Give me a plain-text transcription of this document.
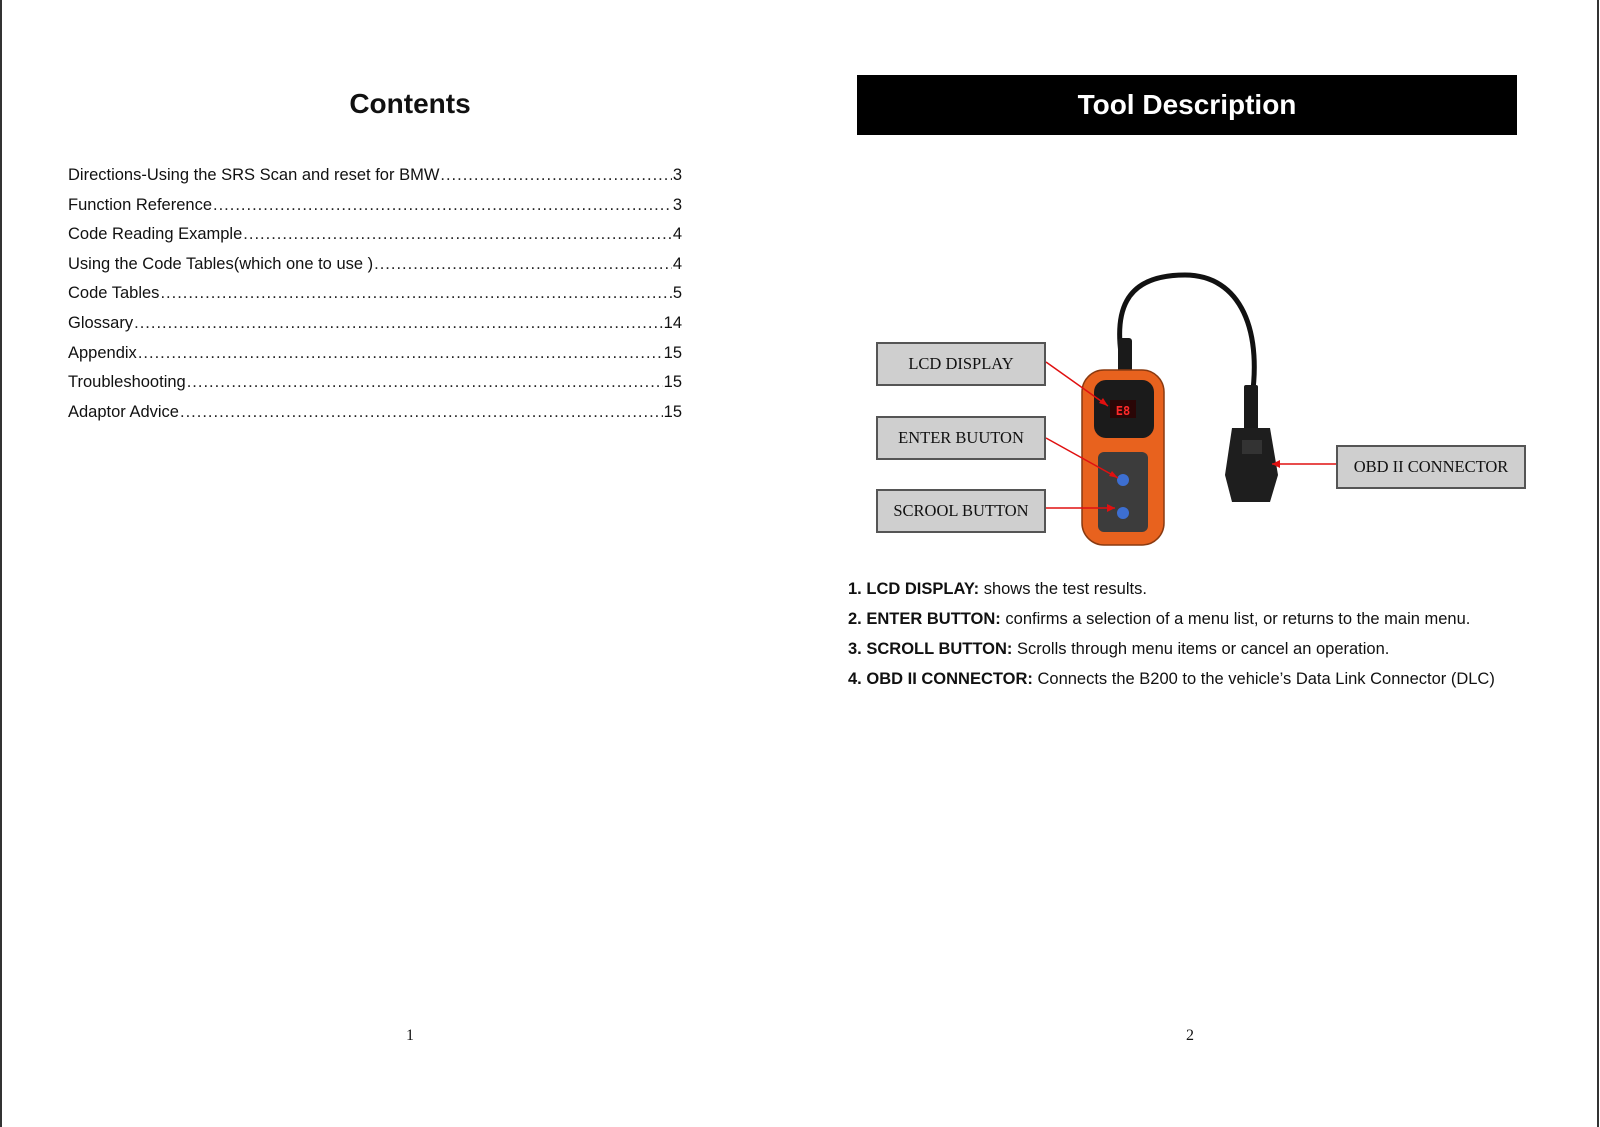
Contents
Directions-Using the SRS Scan and reset for BMW .....	3
Function Reference .....	3
Code Reading Example .....	4
Using the Code Tables(which one to use ) .....	4
Code Tables .....	5
Glossary .....	14
Appendix .....	15
Troubleshooting .....	15
Adaptor Advice .....	15
1
Tool Description
E8
LCD DISPLAY
ENTER BUUTON
SCROOL BUTTON
OBD II CONNECTOR
1. LCD DISPLAY: shows the test results.
2. ENTER BUTTON: confirms a selection of a menu list, or returns to the main menu.
3. SCROLL BUTTON: Scrolls through menu items or cancel an operation.
4. OBD II CONNECTOR: Connects the B200 to the vehicle’s Data Link Connector (DLC)
2
